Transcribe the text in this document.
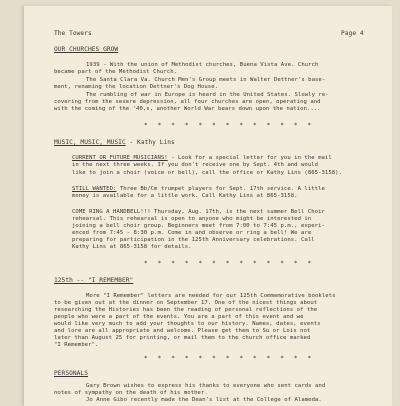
The Towers	Page 4
OUR CHURCHES GROW
1939 - With the union of Methodist churches, Buena Vista Ave. Church
became part of the Methodist Church.
The Santa Clara Va. Church Men's Group meets in Walter Dettner's base-
ment, renaming the location Dettner's Dog House.
The rumbling of war in Europe is heard in the United States. Slowly re-
covering from the severe depression, all four churches are open, operating and
with the coming of the '40,s, another World War bears down upon the nation....
* * * * * * * * * * * * *
MUSIC, MUSIC, MUSIC - Kathy Lins
CURRENT OR FUTURE MUSICIANS! - Look for a special letter for you in the mail
in the next three weeks. If you don't receive one by Sept. 4th and would
like to join a choir (voice or bell), call the office or Kathy Lins (865-3158).
STILL WANTED: Three Bb/Cm trumpet players for Sept. 17th service. A little
money is available for a little work. Call Kathy Lins at 865-3158.
COME RING A HANDBELL!!! Thursday, Aug. 17th, is the next summer Bell Choir
rehearsal. This rehearsal is open to anyone who might be interested in
joining a bell choir group. Beginners meet from 7:00 to 7:45 p.m., experi-
enced from 7:45 - 8:30 p.m. Come in and observe or ring a bell! We are
preparing for participation in the 125th Anniversary celebrations. Call
Kathy Lins at 865-3158 for details.
* * * * * * * * * * * * *
125th -- "I REMEMBER"
More "I Remember" letters are needed for our 125th Commemorative booklets
to be given out at the dinner on September 17. One of the nicest things about
researching the Histories has been the reading of personal reflections of the
people who were a part of the events. You are a part of this event and we
would like very much to add your thoughts to our history. Names, dates, events
and lore are all appropriate and welcome. Please get them to Su or Lois not
later than August 25 for printing, or mail them to the church office marked
"I Remember".
* * * * * * * * * * * * *
PERSONALS
Gary Brown wishes to express his thanks to everyone who sent cards and
notes of sympathy on the death of his mother.
Jo Anne Gibo recently made the Dean's list at the College of Alameda.
